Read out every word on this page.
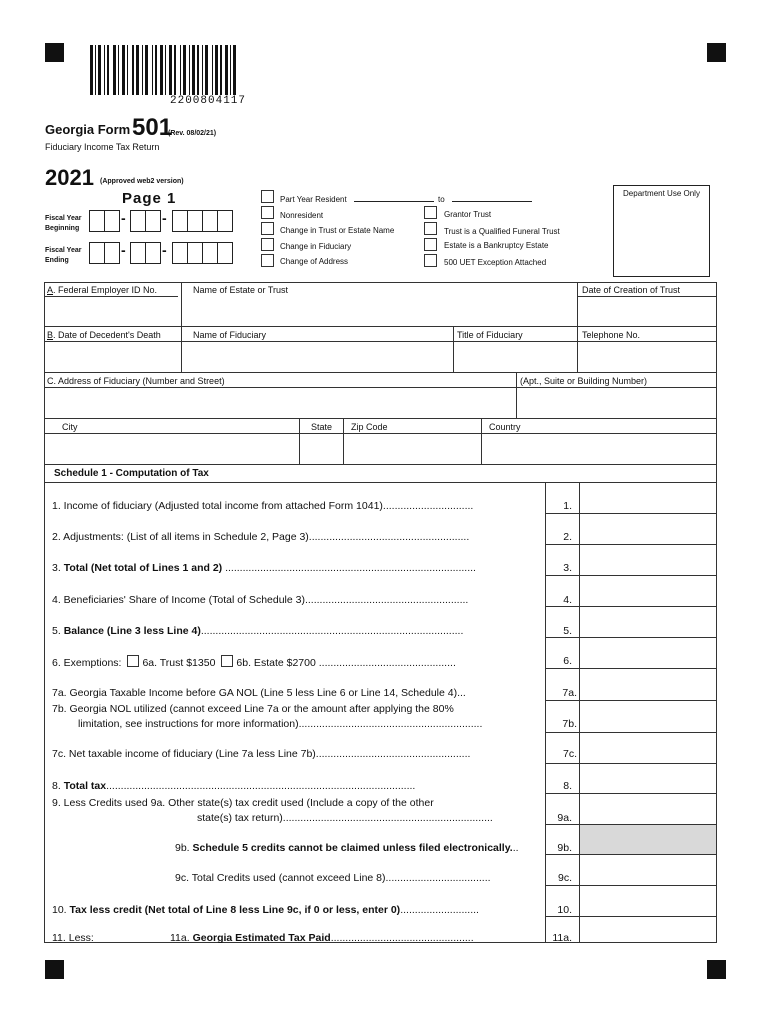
2200804117
Georgia Form 501
(Rev. 08/02/21)
Fiduciary Income Tax Return
2021 (Approved web2 version)
Page 1
Fiscal Year
Beginning
-	-
Fiscal Year
Ending
-	-
Part Year Resident	to
Nonresident
Change in Trust or Estate Name
Change in Fiduciary
Change of Address
Grantor Trust
Trust is a Qualified Funeral Trust
Estate is a Bankruptcy Estate
500 UET Exception Attached
Department Use Only
A. Federal Employer ID No.	Name of Estate or Trust	Date of Creation of Trust
B. Date of Decedent's Death	Name of Fiduciary	Title of Fiduciary	Telephone No.
C. Address of Fiduciary (Number and Street)	(Apt., Suite or Building Number)
City	State Zip Code	Country
Schedule 1 - Computation of Tax
1. Income of fiduciary (Adjusted total income from attached Form 1041)...............................	1.
2. Adjustments: (List of all items in Schedule 2, Page 3).......................................................	2.
3. Total (Net total of Lines 1 and 2) ......................................................................................	3.
4. Beneficiaries' Share of Income (Total of Schedule 3)........................................................	4.
5. Balance (Line 3 less Line 4)..........................................................................................	5.
6. Exemptions: 6a. Trust $1350 6b. Estate $2700 ...............................................	6.
7a. Georgia Taxable Income before GA NOL (Line 5 less Line 6 or Line 14, Schedule 4)...	7a.
7b. Georgia NOL utilized (cannot exceed Line 7a or the amount after applying the 80%
limitation, see instructions for more information)...............................................................	7b.
7c. Net taxable income of fiduciary (Line 7a less Line 7b).....................................................	7c.
8. Total tax..........................................................................................................	8.
9. Less Credits used 9a. Other state(s) tax credit used (Include a copy of the other
state(s) tax return)........................................................................	9a.
9b. Schedule 5 credits cannot be claimed unless filed electronically...	9b.
9c. Total Credits used (cannot exceed Line 8)....................................	9c.
10. Tax less credit (Net total of Line 8 less Line 9c, if 0 or less, enter 0)...........................	10.
11. Less:	11a. Georgia Estimated Tax Paid.................................................	11a.
